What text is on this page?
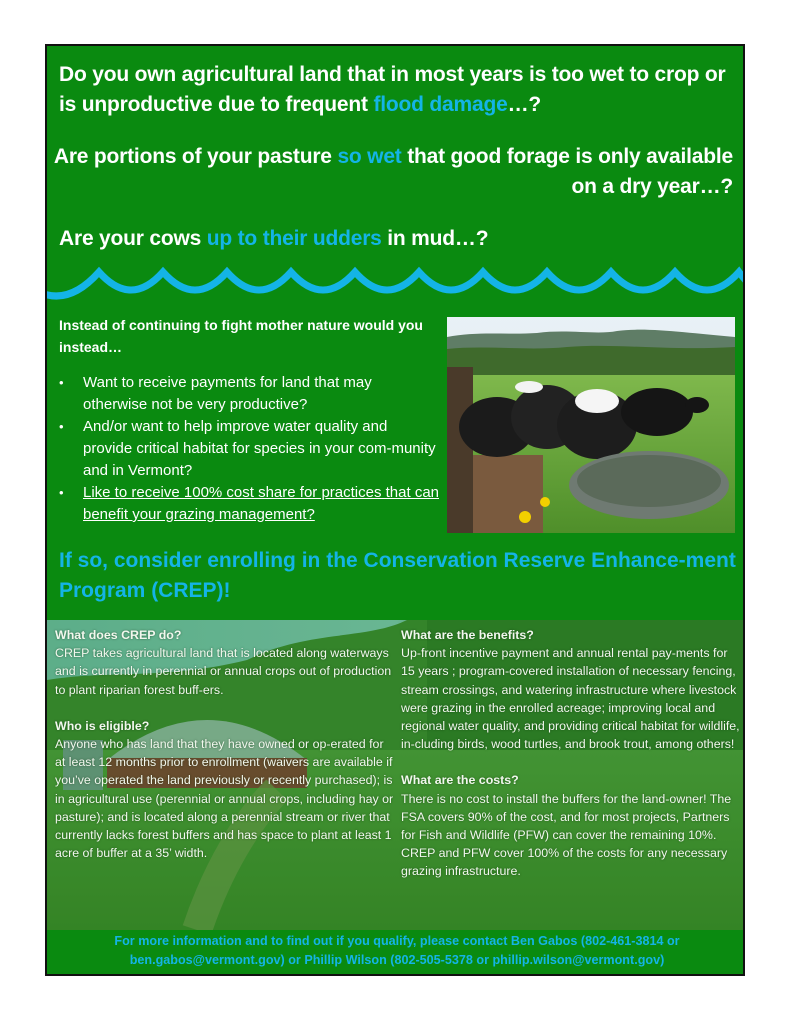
Do you own agricultural land that in most years is too wet to crop or is unproductive due to frequent flood damage…?
Are portions of your pasture so wet that good forage is only available on a dry year…?
Are your cows up to their udders in mud…?
Instead of continuing to fight mother nature would you instead…
• Want to receive payments for land that may otherwise not be very productive?
• And/or want to help improve water quality and provide critical habitat for species in your com-munity and in Vermont?
• Like to receive 100% cost share for practices that can benefit your grazing management?
If so, consider enrolling in the Conservation Reserve Enhance-ment Program (CREP)!
What does CREP do?

CREP takes agricultural land that is located along waterways and is currently in perennial or annual crops out of production to plant riparian forest buff-ers.

Who is eligible?

Anyone who has land that they have owned or op-erated for at least 12 months prior to enrollment (waivers are available if you’ve operated the land previously or recently purchased); is in agricultural use (perennial or annual crops, including hay or pasture); and is located along a perennial stream or river that currently lacks forest buffers and has space to plant at least 1 acre of buffer at a 35’ width.

What are the benefits?

Up-front incentive payment and annual rental pay-ments for 15 years ; program-covered installation of necessary fencing, stream crossings, and watering infrastructure where livestock were grazing in the enrolled acreage; improving local and regional water quality, and providing critical habitat for wildlife, in-cluding birds, wood turtles, and brook trout, among others!

What are the costs?

There is no cost to install the buffers for the land-owner! The FSA covers 90% of the cost, and for most projects, Partners for Fish and Wildlife (PFW) can cover the remaining 10%. CREP and PFW cover 100% of the costs for any necessary grazing infrastructure.

For more information and to find out if you qualify, please contact Ben Gabos (802-461-3814 or
ben.gabos@vermont.gov) or Phillip Wilson (802-505-5378 or phillip.wilson@vermont.gov)
